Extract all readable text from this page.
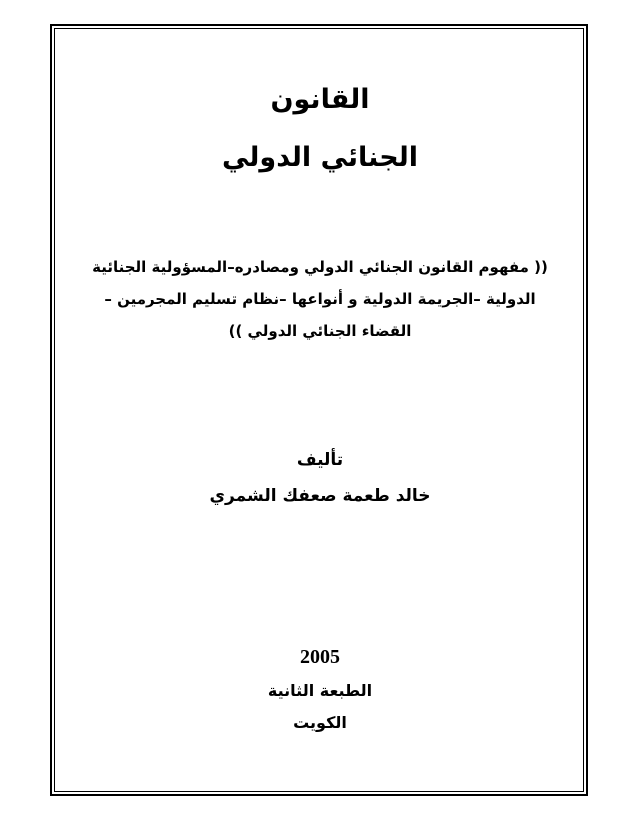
القانون
الجنائي الدولي
(( مفهوم القانون الجنائي الدولي ومصادره–المسؤولية الجنائية
الدولية –الجريمة الدولية و أنواعها –نظام تسليم المجرمين –
القضاء الجنائي الدولي ))
تأليف
خالد طعمة صعفك الشمري
2005
الطبعة الثانية
الكويت
